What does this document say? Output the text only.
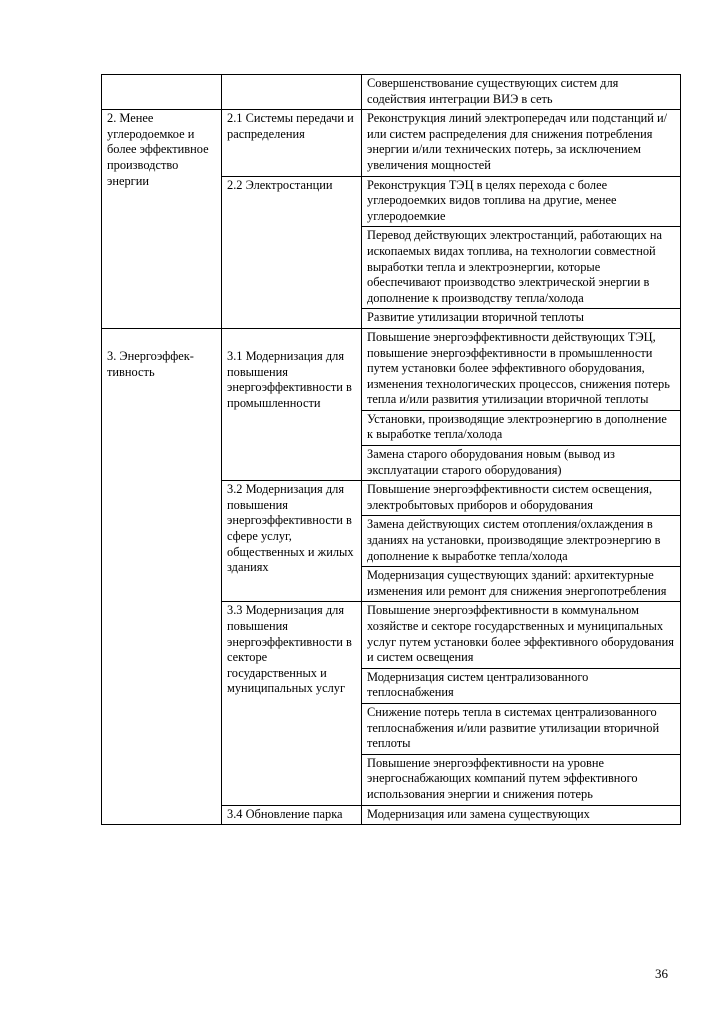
		Совершенствование существующих систем для содействия интеграции ВИЭ в сеть

2. Менее углеродоемкое и более эффективное производство энергии	2.1 Системы передачи и распределения	Реконструкция линий электропередач или подстанций и/или систем распределения для снижения потребления энергии и/или технических потерь, за исключением увеличения мощностей

	2.2 Электростанции	Реконструкция ТЭЦ в целях перехода с более углеродоемких видов топлива на другие, менее углеродоемкие

		Перевод действующих электростанций, работающих на ископаемых видах топлива, на технологии совместной выработки тепла и электроэнергии, которые обеспечивают производство электрической энергии в дополнение к производству тепла/холода

		Развитие утилизации вторичной теплоты

3. Энергоэффек-тивность	3.1 Модернизация для повышения энергоэффективности в промышленности	Повышение энергоэффективности действующих ТЭЦ, повышение энергоэффективности в промышленности путем установки более эффективного оборудования, изменения технологических процессов, снижения потерь тепла и/или развития утилизации вторичной теплоты

		Установки, производящие электроэнергию в дополнение к выработке тепла/холода

		Замена старого оборудования новым (вывод из эксплуатации старого оборудования)

	3.2 Модернизация для повышения энергоэффективности в сфере услуг, общественных и жилых зданиях	Повышение энергоэффективности систем освещения, электробытовых приборов и оборудования

		Замена действующих систем отопления/охлаждения в зданиях на установки, производящие электроэнергию в дополнение к выработке тепла/холода

		Модернизация существующих зданий: архитектурные изменения или ремонт для снижения энергопотребления

	3.3 Модернизация для повышения энергоэффективности в секторе государственных и муниципальных услуг	Повышение энергоэффективности в коммунальном хозяйстве и секторе государственных и муниципальных услуг путем установки более эффективного оборудования и систем освещения

		Модернизация систем централизованного теплоснабжения

		Снижение потерь тепла в системах централизованного теплоснабжения и/или развитие утилизации вторичной теплоты

		Повышение энергоэффективности на уровне энергоснабжающих компаний путем эффективного использования энергии и снижения потерь

	3.4 Обновление парка	Модернизация или замена существующих
36
